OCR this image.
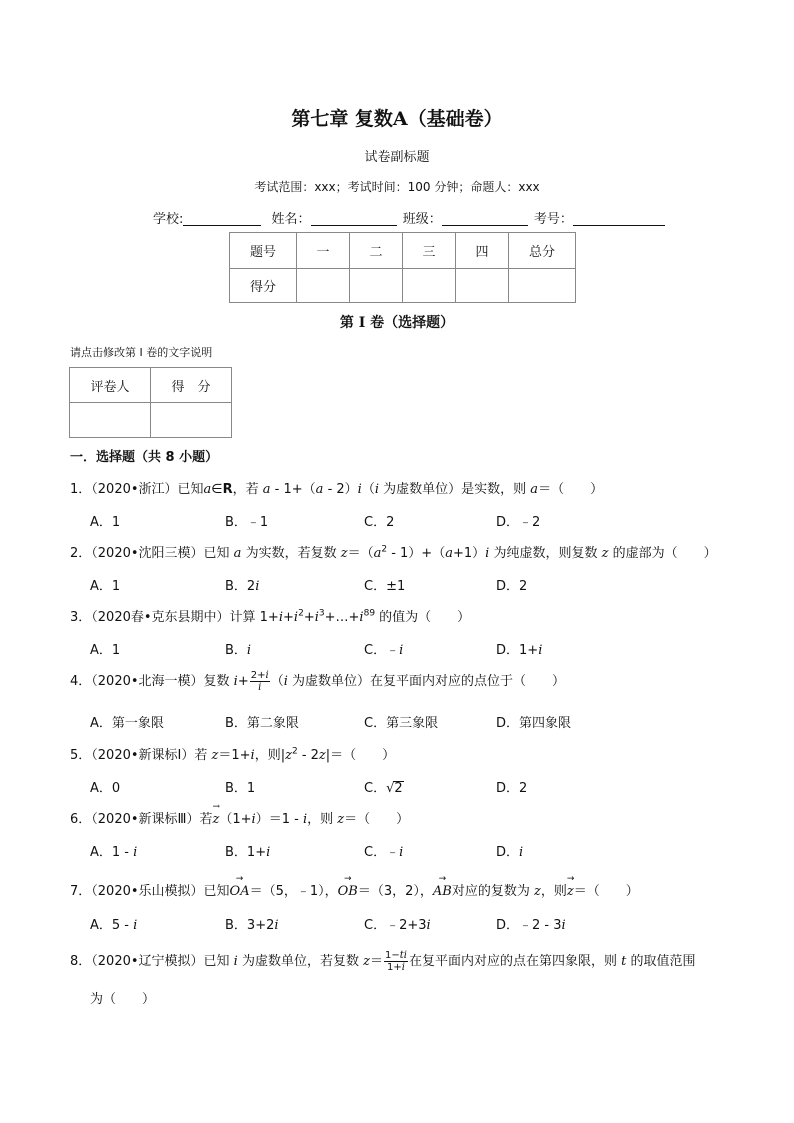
第七章 复数A（基础卷）
试卷副标题
考试范围：xxx；考试时间：100 分钟；命题人：xxx
学校:	姓名：	班级：	考号：
题号	一	二	三	四	总分
得分					
第 I 卷（选择题）
请点击修改第 I 卷的文字说明
评卷人	得　分

一．选择题（共 8 小题）
1．（2020•浙江）已知a∈R，若 a - 1+（a - 2）i（i 为虚数单位）是实数，则 a＝（　　）
A．1	B．﹣1	C．2	D．﹣2
2．（2020•沈阳三模）已知 a 为实数，若复数 $z=(a^2 - 1)+(a+1)i$ 为纯虚数，则复数 z 的虚部为（　　）
A．1	B．2i	C．±1	D．2
3．（2020春•克东县期中）计算 $1+i+i^2+i^3+\dots+i^{89}$ 的值为（　　）
A．1	B．i	C．﹣i	D．1+i
4．（2020•北海一模）复数 $i+ \frac{2+i}{i} (i$ 为虚数单位）在复平面内对应的点位于（　　）
A．第一象限	B．第二象限	C．第三象限	D．第四象限
5．（2020•新课标Ⅰ）若 z＝1+i，则$|z^2 - 2z|=$（　　）
A．0	B．1	C．√2	D．2
6．（2020•新课标Ⅲ）若→ z（1+i）＝1 - i，则 z＝（　　）
A．1 - i	B．1+i	C．﹣i	D．i
7．（2020•乐山模拟）已知→ OA＝（5，﹣1），→ OB＝（3，2），→ AB对应的复数为 z，则→ z＝（　　）
A．5 - i	B．3+2i	C．﹣2+3i	D．﹣2 - 3i
8．（2020•辽宁模拟）已知 i 为虚数单位，若复数 $z= \frac{1-ti}{1+i}$ 在复平面内对应的点在第四象限，则 t 的取值范围
为（　　）
